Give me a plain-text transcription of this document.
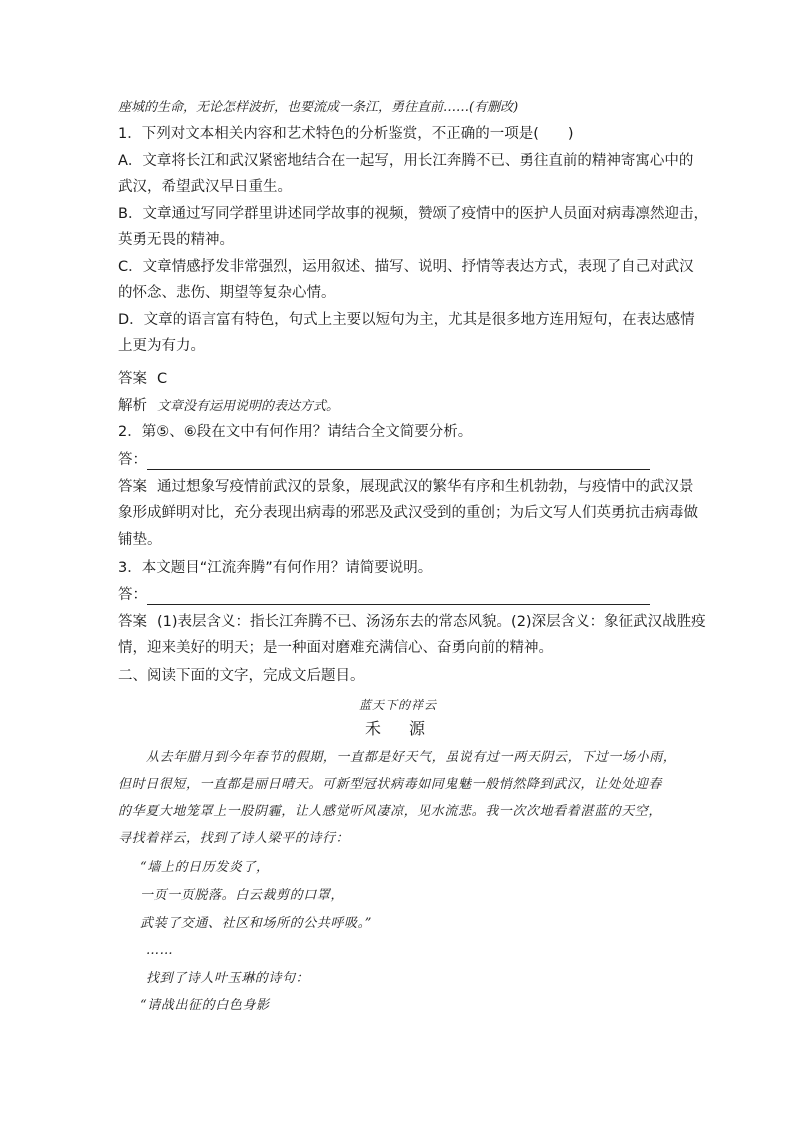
座城的生命，无论怎样波折，也要流成一条江，勇往直前……(有删改)
1．下列对文本相关内容和艺术特色的分析鉴赏，不正确的一项是(　　)
A．文章将长江和武汉紧密地结合在一起写，用长江奔腾不已、勇往直前的精神寄寓心中的
武汉，希望武汉早日重生。
B．文章通过写同学群里讲述同学故事的视频，赞颂了疫情中的医护人员面对病毒凛然迎击，
英勇无畏的精神。
C．文章情感抒发非常强烈，运用叙述、描写、说明、抒情等表达方式，表现了自己对武汉
的怀念、悲伤、期望等复杂心情。
D．文章的语言富有特色，句式上主要以短句为主，尤其是很多地方连用短句，在表达感情
上更为有力。
答案 C
解析 文章没有运用说明的表达方式。
2．第⑤、⑥段在文中有何作用？请结合全文简要分析。
答：
答案 通过想象写疫情前武汉的景象，展现武汉的繁华有序和生机勃勃，与疫情中的武汉景
象形成鲜明对比，充分表现出病毒的邪恶及武汉受到的重创；为后文写人们英勇抗击病毒做
铺垫。
3．本文题目“江流奔腾”有何作用？请简要说明。
答：
答案 (1)表层含义：指长江奔腾不已、汤汤东去的常态风貌。(2)深层含义：象征武汉战胜疫
情，迎来美好的明天；是一种面对磨难充满信心、奋勇向前的精神。
二、阅读下面的文字，完成文后题目。
蓝天下的祥云
禾　源
从去年腊月到今年春节的假期，一直都是好天气，虽说有过一两天阴云，下过一场小雨，
但时日很短，一直都是丽日晴天。可新型冠状病毒如同鬼魅一般悄然降到武汉，让处处迎春
的华夏大地笼罩上一股阴霾，让人感觉听风凄凉，见水流悲。我一次次地看着湛蓝的天空，
寻找着祥云，找到了诗人梁平的诗行：
“墙上的日历发炎了，
一页一页脱落。白云裁剪的口罩，
武装了交通、社区和场所的公共呼吸。”
……
找到了诗人叶玉琳的诗句：
“请战出征的白色身影
